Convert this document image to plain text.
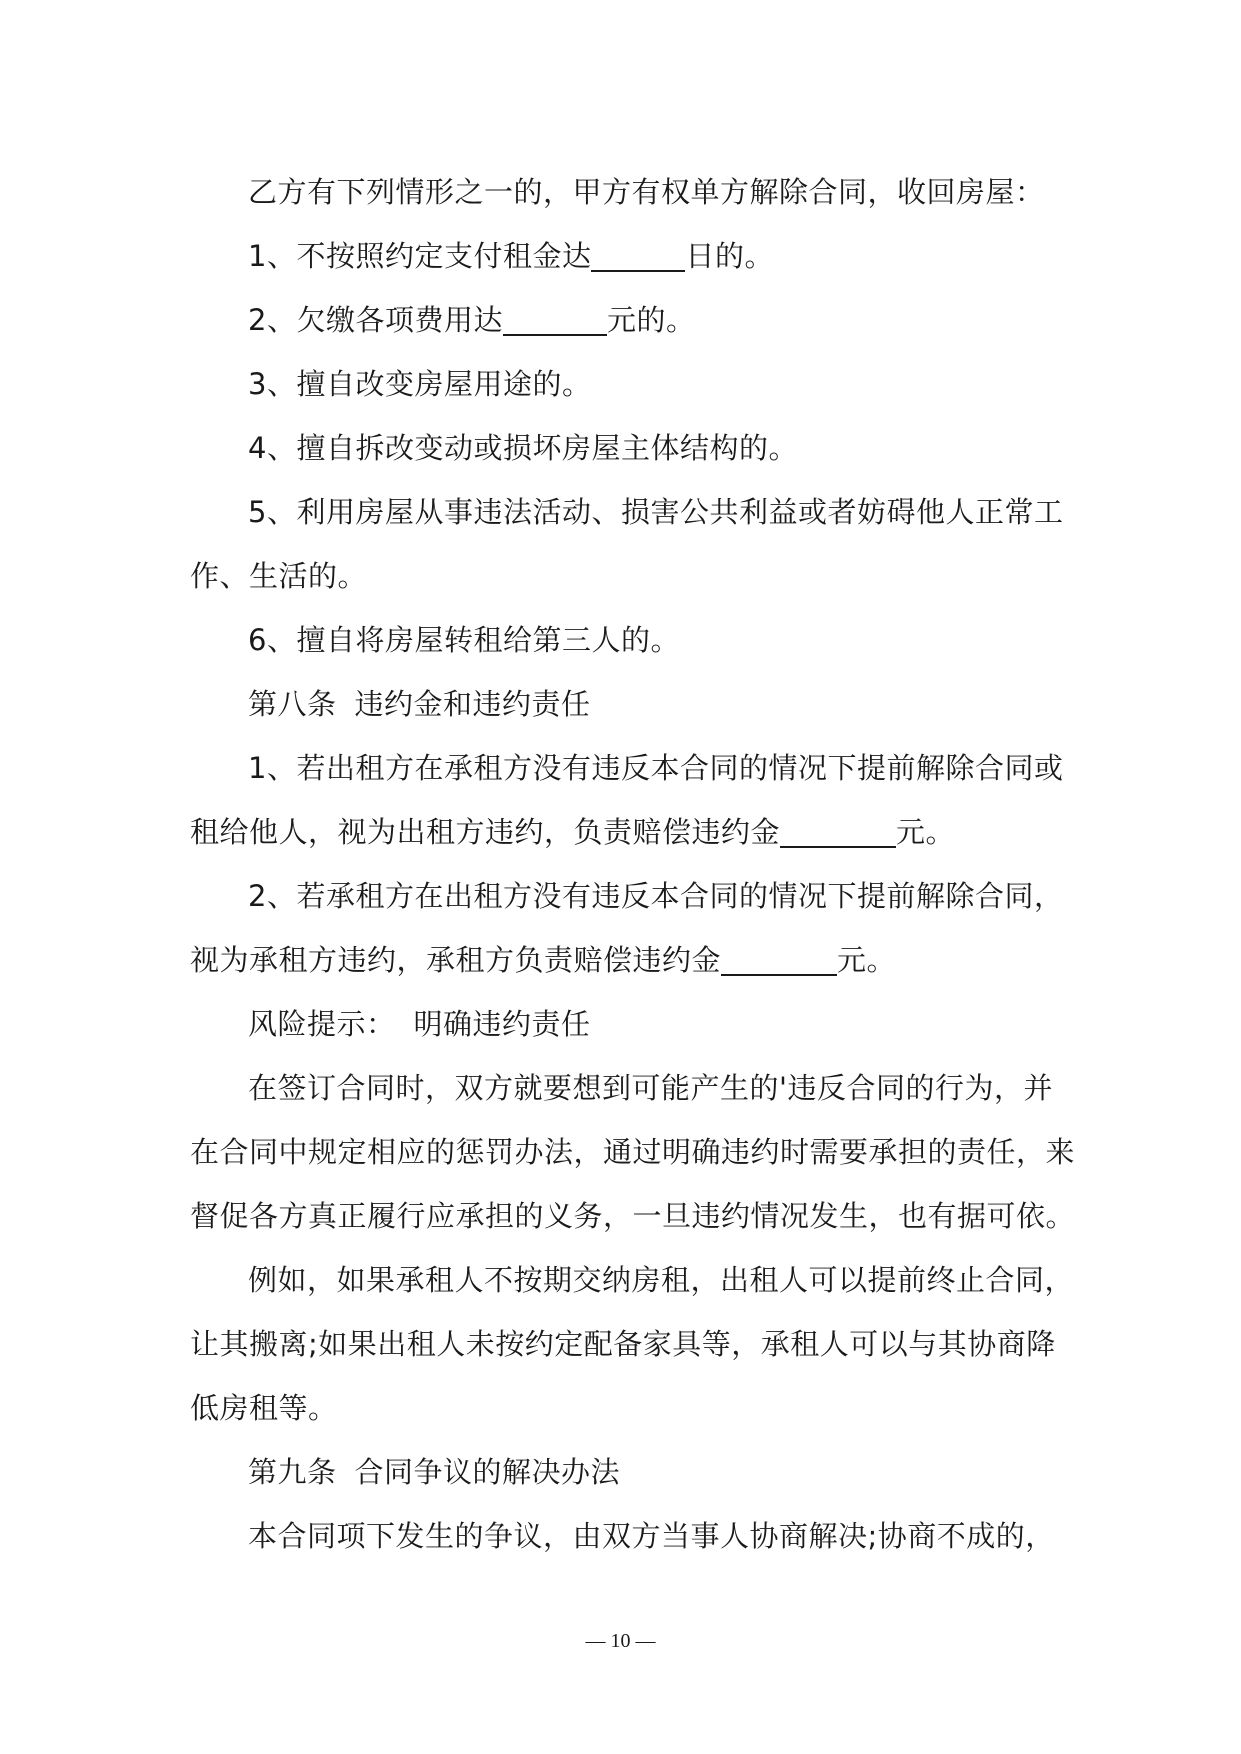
乙方有下列情形之一的，甲方有权单方解除合同，收回房屋：
1、不按照约定支付租金达	日的。
2、欠缴各项费用达	元的。
3、擅自改变房屋用途的。
4、擅自拆改变动或损坏房屋主体结构的。
5、利用房屋从事违法活动、损害公共利益或者妨碍他人正常工
作、生活的。
6、擅自将房屋转租给第三人的。
第八条 违约金和违约责任
1、若出租方在承租方没有违反本合同的情况下提前解除合同或
租给他人，视为出租方违约，负责赔偿违约金	元。
2、若承租方在出租方没有违反本合同的情况下提前解除合同，
视为承租方违约，承租方负责赔偿违约金	元。
风险提示： 明确违约责任
在签订合同时，双方就要想到可能产生的'违反合同的行为，并
在合同中规定相应的惩罚办法，通过明确违约时需要承担的责任，来
督促各方真正履行应承担的义务，一旦违约情况发生，也有据可依。
例如，如果承租人不按期交纳房租，出租人可以提前终止合同，
让其搬离;如果出租人未按约定配备家具等，承租人可以与其协商降
低房租等。
第九条 合同争议的解决办法
本合同项下发生的争议，由双方当事人协商解决;协商不成的，
— 10 —
